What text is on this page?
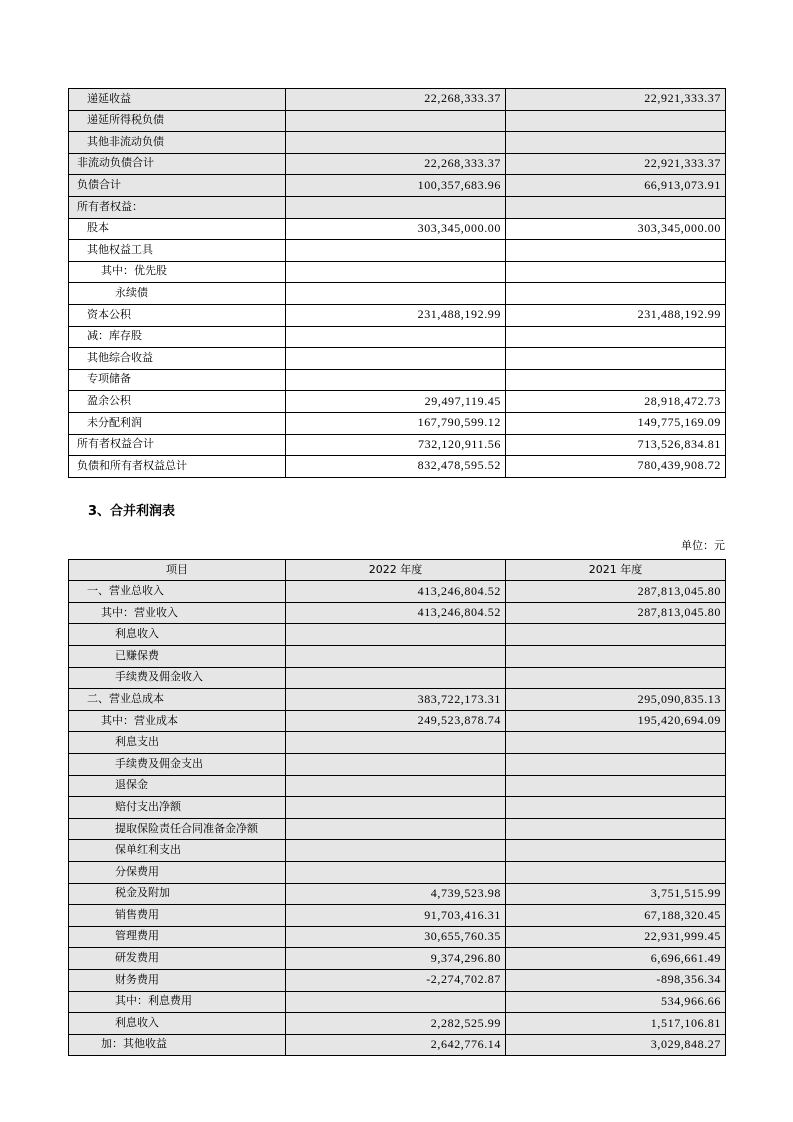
递延收益	22,268,333.37	22,921,333.37
递延所得税负债		
其他非流动负债		
非流动负债合计	22,268,333.37	22,921,333.37
负债合计	100,357,683.96	66,913,073.91
所有者权益：		
股本	303,345,000.00	303,345,000.00
其他权益工具		
其中：优先股		
永续债		
资本公积	231,488,192.99	231,488,192.99
减：库存股		
其他综合收益		
专项储备		
盈余公积	29,497,119.45	28,918,472.73
未分配利润	167,790,599.12	149,775,169.09
所有者权益合计	732,120,911.56	713,526,834.81
负债和所有者权益总计	832,478,595.52	780,439,908.72
3、合并利润表
单位：元
项目	2022 年度	2021 年度
一、营业总收入	413,246,804.52	287,813,045.80
其中：营业收入	413,246,804.52	287,813,045.80
利息收入		
已赚保费		
手续费及佣金收入		
二、营业总成本	383,722,173.31	295,090,835.13
其中：营业成本	249,523,878.74	195,420,694.09
利息支出		
手续费及佣金支出		
退保金		
赔付支出净额		

提取保险责任合同准备金净额		

保单红利支出		
分保费用		
税金及附加	4,739,523.98	3,751,515.99
销售费用	91,703,416.31	67,188,320.45
管理费用	30,655,760.35	22,931,999.45
研发费用	9,374,296.80	6,696,661.49
财务费用	-2,274,702.87	-898,356.34
其中：利息费用		534,966.66
利息收入	2,282,525.99	1,517,106.81
加：其他收益	2,642,776.14	3,029,848.27
